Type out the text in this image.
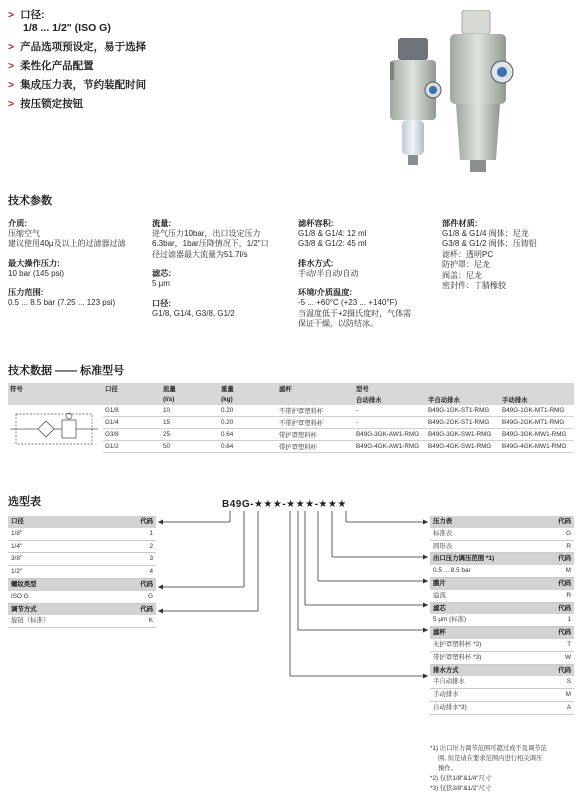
> 口径:
1/8 ... 1/2" (ISO G)
> 产品选项预设定，易于选择
> 柔性化产品配置
> 集成压力表，节约装配时间
> 按压锁定按钮
技术参数
介质:
压缩空气
建议使用40μ及以上的过滤器过滤
最大操作压力:
10 bar (145 psi)
压力范围:
0.5 ... 8.5 bar (7.25 ... 123 psi)
流量:
进气压力10bar，出口设定压力
6.3bar，1bar压降情况下，1/2"口
径过滤器最大流量为51.7l/s
滤芯:
5 μm
口径:
G1/8, G1/4, G3/8, G1/2
滤杯容积:
G1/8 & G1/4: 12 ml
G3/8 & G1/2: 45 ml
排水方式:
手动/半自动/自动
环境/介质温度:
-5 ... +60°C (+23 ... +140°F)
当温度低于+2摄氏度时，气体需
保证干燥，以防结冰。
部件材质:
G1/8 & G1/4 阀体：尼龙
G3/8 & G1/2 阀体：压铸铝
滤杯：透明PC
防护罩：尼龙
阀盖：尼龙
密封件：丁腈橡胶
技术数据 —— 标准型号
符号	口径	流量	重量	滤杯	型号		
		(l/s)	(kg)		自动排水	半自动排水	手动排水
	G1/8	10	0.20	不带护罩塑料杯	-	B49G-1GK-ST1-RMG	B49G-1GK-MT1-RMG
	G1/4	15	0.20	不带护罩塑料杯	-	B49G-2GK-ST1-RMG	B49G-2GK-MT1-RMG
	G3/8	25	0.64	带护罩塑料杯	B49G-3GK-AW1-RMG	B49G-3GK-SW1-RMG	B49G-3GK-MW1-RMG
	G1/2	50	0.64	带护罩塑料杯	B49G-4GK-AW1-RMG	B49G-4GK-SW1-RMG	B49G-4GK-MW1-RMG
选型表	B49G-★★★-★★★-★★★
口径	代码
1/8"	1
1/4"	2
3/8"	3
1/2"	4
螺纹类型	代码
ISO G	G
调节方式	代码
旋钮（标准）	K
压力表	代码
标准表	G
圆形表	R
出口压力调压范围 *1)	代码
0.5 ... 8.5 bar	M
膜片	代码
溢流	R
滤芯	代码
5 μm (标准)	1
滤杯	代码
无护罩塑料杯 *2)	T
带护罩塑料杯 *3)	W
排水方式	代码
半自动排水	S
手动排水	M
自动排水*3)	A
*1) 出口压力调节范围可超过或不及调节范
围, 但是请在要求范围内进行相关调压
操作。
*2) 仅供1/8"&1/4"尺寸
*3) 仅供3/8"&1/2"尺寸
